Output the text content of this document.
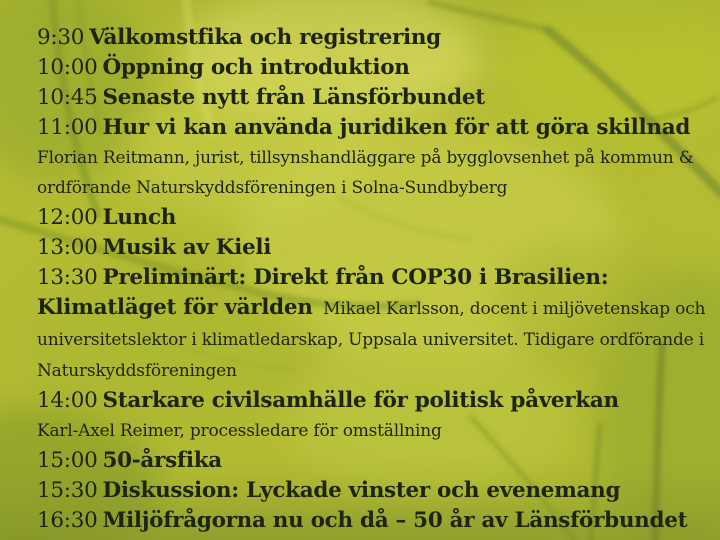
9:30 Välkomstfika och registrering

10:00 Öppning och introduktion

10:45 Senaste nytt från Länsförbundet

11:00 Hur vi kan använda juridiken för att göra skillnad
Florian Reitmann, jurist, tillsynshandläggare på bygglovsenhet på kommun & ordförande Naturskyddsföreningen i Solna-Sundbyberg

12:00 Lunch

13:00 Musik av Kieli

13:30 Preliminärt: Direkt från COP30 i Brasilien: Klimatläget för världen Mikael Karlsson, docent i miljövetenskap och universitetslektor i klimatledarskap, Uppsala universitet. Tidigare ordförande i Naturskyddsföreningen

14:00 Starkare civilsamhälle för politisk påverkan
Karl-Axel Reimer, processledare för omställning

15:00 50-årsfika

15:30 Diskussion: Lyckade vinster och evenemang

16:30 Miljöfrågorna nu och då – 50 år av Länsförbundet
